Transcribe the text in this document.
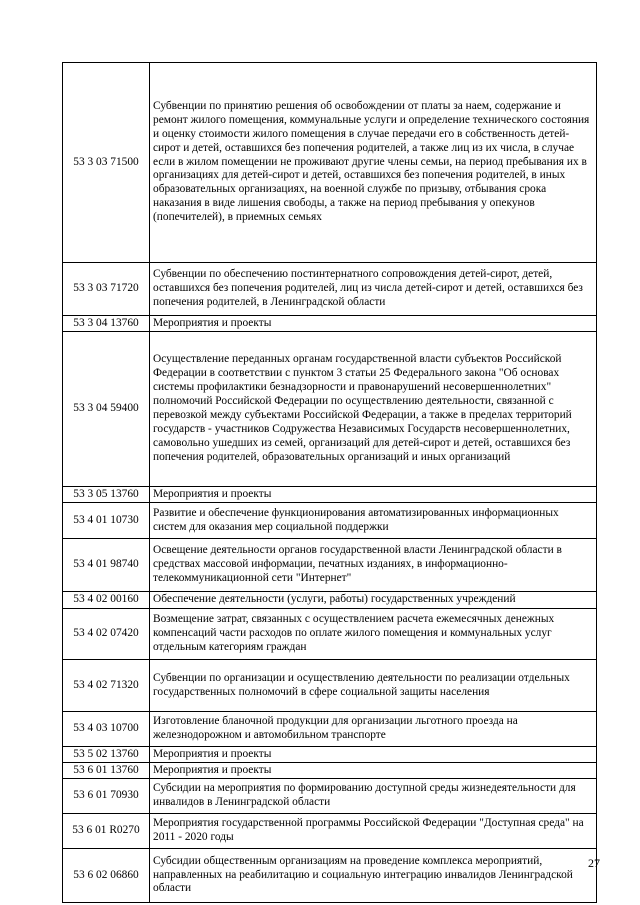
53 3 03 71500	Субвенции по принятию решения об освобождении от платы за наем, содержание и ремонт жилого помещения, коммунальные услуги и определение технического состояния и оценку стоимости жилого помещения в случае передачи его в собственность детей-сирот и детей, оставшихся без попечения родителей, а также лиц из их числа, в случае если в жилом помещении не проживают другие члены семьи, на период пребывания их в организациях для детей-сирот и детей, оставшихся без попечения родителей, в иных образовательных организациях, на военной службе по призыву, отбывания срока наказания в виде лишения свободы, а также на период пребывания у опекунов (попечителей), в приемных семьях
53 3 03 71720	Субвенции по обеспечению постинтернатного сопровождения детей-сирот, детей, оставшихся без попечения родителей, лиц из числа детей-сирот и детей, оставшихся без попечения родителей, в Ленинградской области
53 3 04 13760	Мероприятия и проекты
53 3 04 59400	Осуществление переданных органам государственной власти субъектов Российской Федерации в соответствии с пунктом 3 статьи 25 Федерального закона "Об основах системы профилактики безнадзорности и правонарушений несовершеннолетних" полномочий Российской Федерации по осуществлению деятельности, связанной с перевозкой между субъектами Российской Федерации, а также в пределах территорий государств - участников Содружества Независимых Государств несовершеннолетних, самовольно ушедших из семей, организаций для детей-сирот и детей, оставшихся без попечения родителей, образовательных организаций и иных организаций
53 3 05 13760	Мероприятия и проекты
53 4 01 10730	Развитие и обеспечение функционирования автоматизированных информационных систем для оказания мер социальной поддержки
53 4 01 98740	Освещение деятельности органов государственной власти Ленинградской области в средствах массовой информации, печатных изданиях, в информационно-телекоммуникационной сети "Интернет"
53 4 02 00160	Обеспечение деятельности (услуги, работы) государственных учреждений
53 4 02 07420	Возмещение затрат, связанных с осуществлением расчета ежемесячных денежных компенсаций части расходов по оплате жилого помещения и коммунальных услуг отдельным категориям граждан
53 4 02 71320	Субвенции по организации и осуществлению деятельности по реализации отдельных государственных полномочий в сфере социальной защиты населения
53 4 03 10700	Изготовление бланочной продукции для организации льготного проезда на железнодорожном и автомобильном транспорте
53 5 02 13760	Мероприятия и проекты
53 6 01 13760	Мероприятия и проекты
53 6 01 70930	Субсидии на мероприятия по формированию доступной среды жизнедеятельности для инвалидов в Ленинградской области
53 6 01 R0270	Мероприятия государственной программы Российской Федерации "Доступная среда" на 2011 - 2020 годы
53 6 02 06860	Субсидии общественным организациям на проведение комплекса мероприятий, направленных на реабилитацию и социальную интеграцию инвалидов Ленинградской области
27
